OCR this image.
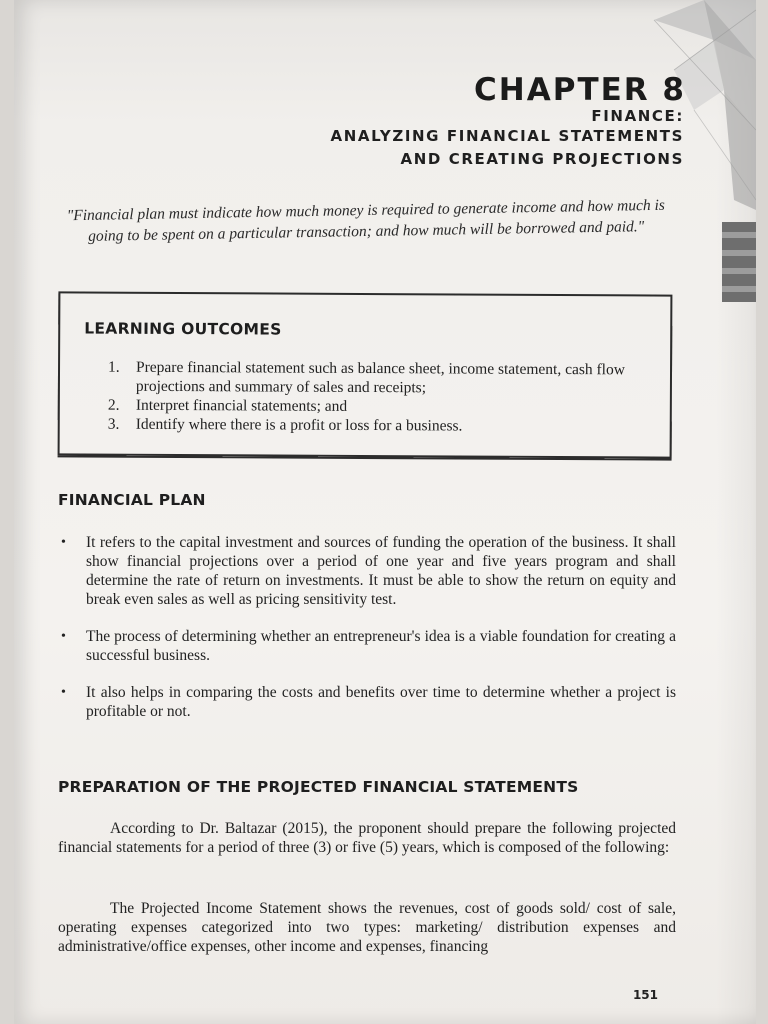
CHAPTER 8
FINANCE:
ANALYZING FINANCIAL STATEMENTS
AND CREATING PROJECTIONS
"Financial plan must indicate how much money is required to generate income and how much is going to be spent on a particular transaction; and how much will be borrowed and paid."
LEARNING OUTCOMES
1.	Prepare financial statement such as balance sheet, income statement, cash flow projections and summary of sales and receipts;
2.	Interpret financial statements; and
3.	Identify where there is a profit or loss for a business.
FINANCIAL PLAN
•	It refers to the capital investment and sources of funding the operation of the business. It shall show financial projections over a period of one year and five years program and shall determine the rate of return on investments. It must be able to show the return on equity and break even sales as well as pricing sensitivity test.
•	The process of determining whether an entrepreneur's idea is a viable foundation for creating a successful business.
•	It also helps in comparing the costs and benefits over time to determine whether a project is profitable or not.
PREPARATION OF THE PROJECTED FINANCIAL STATEMENTS

According to Dr. Baltazar (2015), the proponent should prepare the following projected financial statements for a period of three (3) or five (5) years, which is composed of the following:

The Projected Income Statement shows the revenues, cost of goods sold/ cost of sale, operating expenses categorized into two types: marketing/ distribution expenses and administrative/office expenses, other income and expenses, financing

151
